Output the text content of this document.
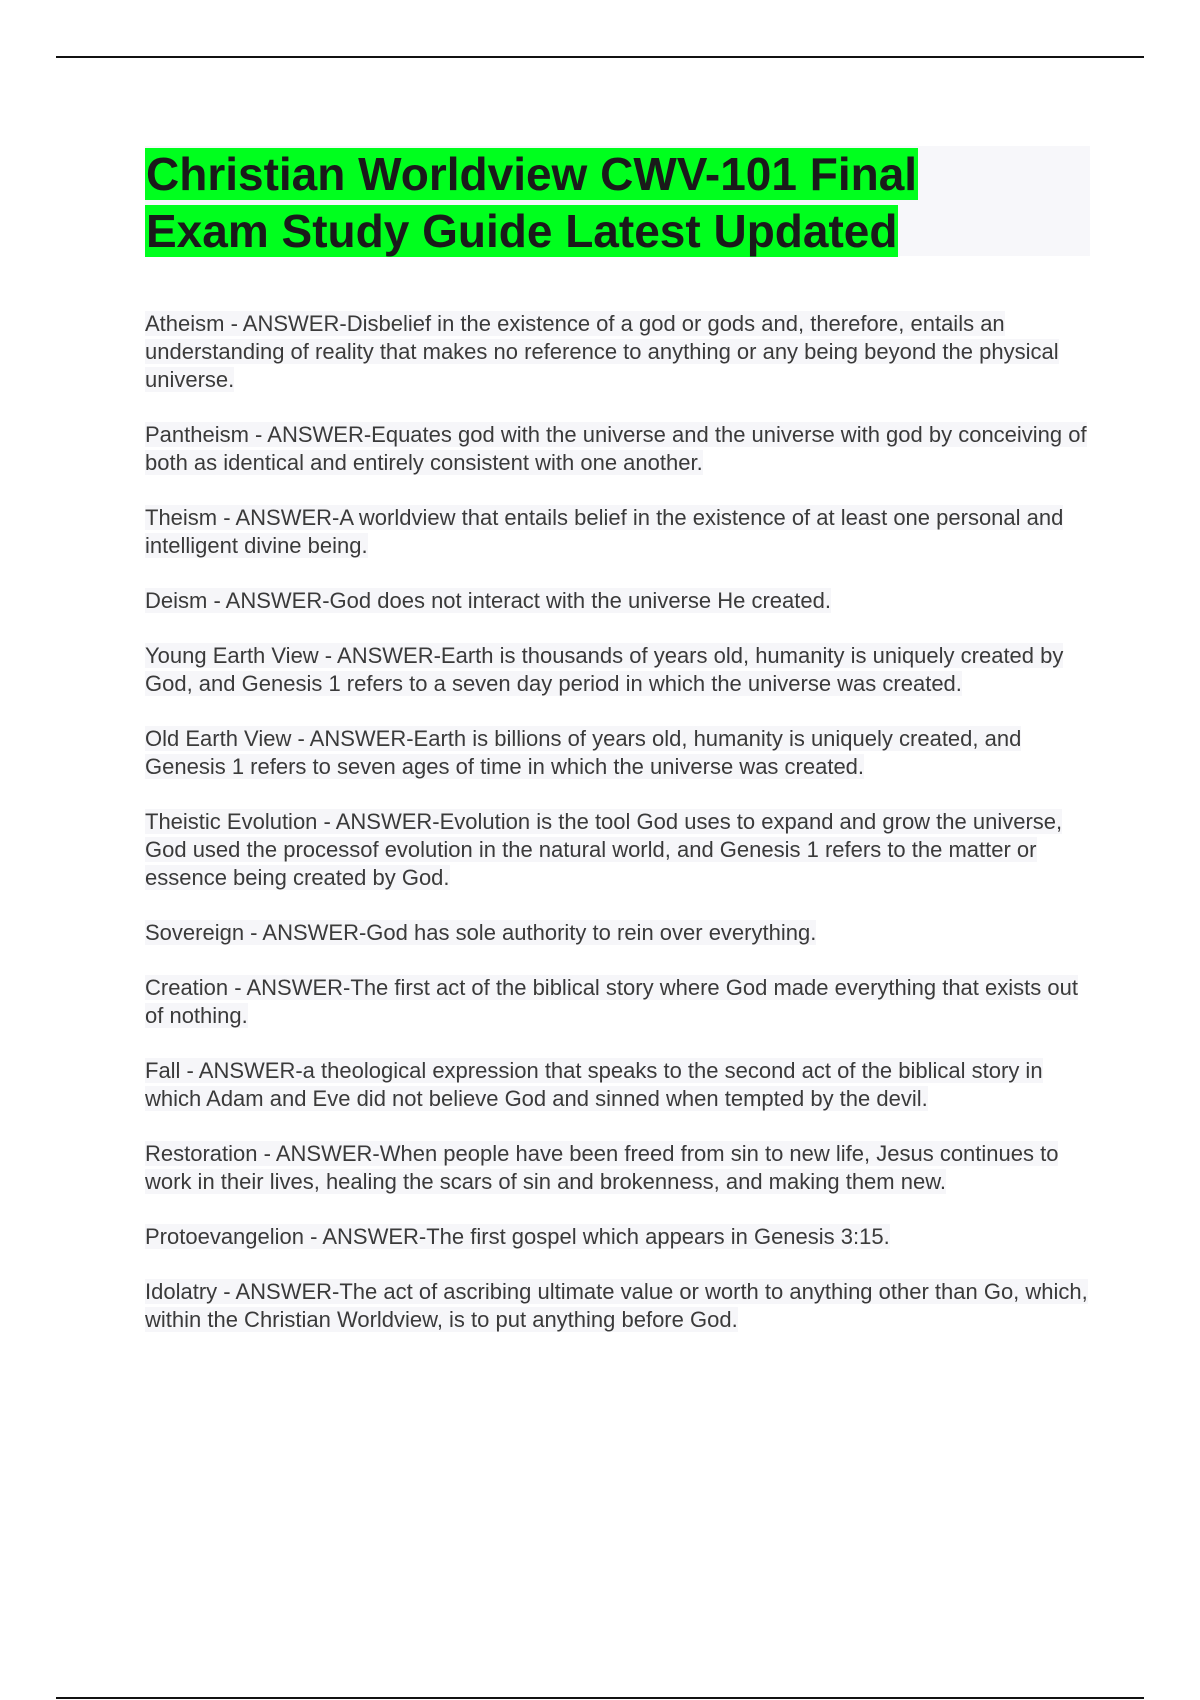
Christian Worldview CWV-101 Final
Exam Study Guide Latest Updated

Atheism - ANSWER-Disbelief in the existence of a god or gods and, therefore, entails an understanding of reality that makes no reference to anything or any being beyond the physical universe.

Pantheism - ANSWER-Equates god with the universe and the universe with god by conceiving of both as identical and entirely consistent with one another.

Theism - ANSWER-A worldview that entails belief in the existence of at least one personal and intelligent divine being.

Deism - ANSWER-God does not interact with the universe He created.

Young Earth View - ANSWER-Earth is thousands of years old, humanity is uniquely created by God, and Genesis 1 refers to a seven day period in which the universe was created.

Old Earth View - ANSWER-Earth is billions of years old, humanity is uniquely created, and Genesis 1 refers to seven ages of time in which the universe was created.

Theistic Evolution - ANSWER-Evolution is the tool God uses to expand and grow the universe, God used the processof evolution in the natural world, and Genesis 1 refers to the matter or essence being created by God.

Sovereign - ANSWER-God has sole authority to rein over everything.

Creation - ANSWER-The first act of the biblical story where God made everything that exists out of nothing.

Fall - ANSWER-a theological expression that speaks to the second act of the biblical story in which Adam and Eve did not believe God and sinned when tempted by the devil.

Restoration - ANSWER-When people have been freed from sin to new life, Jesus continues to work in their lives, healing the scars of sin and brokenness, and making them new.

Protoevangelion - ANSWER-The first gospel which appears in Genesis 3:15.

Idolatry - ANSWER-The act of ascribing ultimate value or worth to anything other than Go, which, within the Christian Worldview, is to put anything before God.
